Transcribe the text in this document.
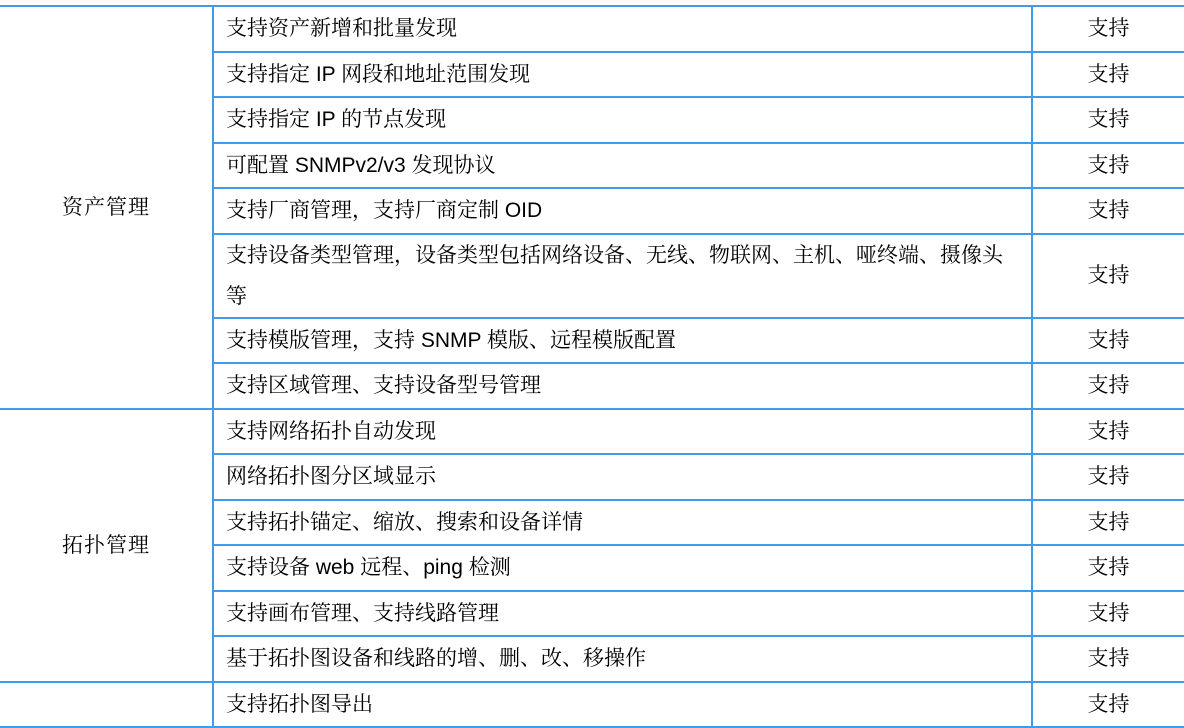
资产管理	支持资产新增和批量发现	支持
	支持指定 IP 网段和地址范围发现	支持
	支持指定 IP 的节点发现	支持
	可配置 SNMPv2/v3 发现协议	支持
	支持厂商管理，支持厂商定制 OID	支持
	支持设备类型管理，设备类型包括网络设备、无线、物联网、主机、哑终端、摄像头等	支持
	支持模版管理，支持 SNMP 模版、远程模版配置	支持
	支持区域管理、支持设备型号管理	支持
拓扑管理	支持网络拓扑自动发现	支持
	网络拓扑图分区域显示	支持
	支持拓扑锚定、缩放、搜索和设备详情	支持
	支持设备 web 远程、ping 检测	支持
	支持画布管理、支持线路管理	支持
	基于拓扑图设备和线路的增、删、改、移操作	支持
	支持拓扑图导出	支持
